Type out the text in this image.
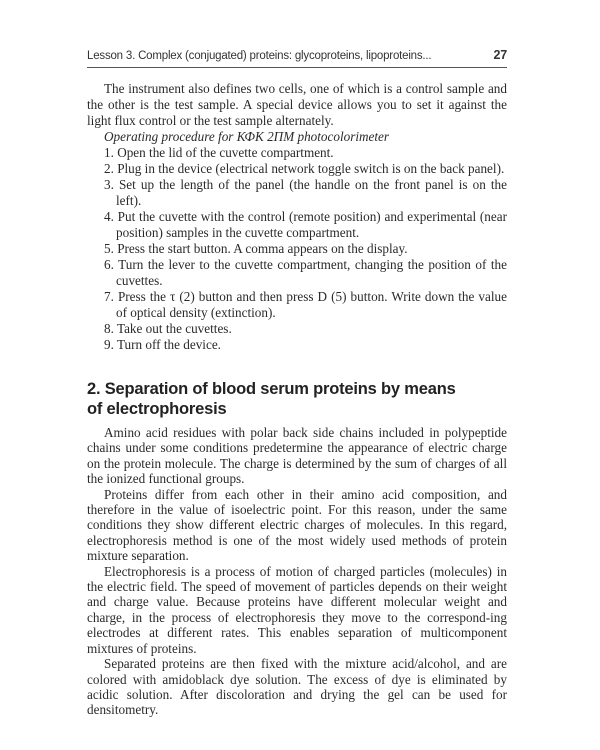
Lesson 3. Complex (conjugated) proteins: glycoproteins, lipoproteins...	27

The instrument also defines two cells, one of which is a control sample and the other is the test sample. A special device allows you to set it against the light flux control or the test sample alternately.

Operating procedure for КФК 2ПМ photocolorimeter

1. Open the lid of the cuvette compartment.
2. Plug in the device (electrical network toggle switch is on the back panel).
3. Set up the length of the panel (the handle on the front panel is on the left).
4. Put the cuvette with the control (remote position) and experimental (near position) samples in the cuvette compartment.
5. Press the start button. A comma appears on the display.
6. Turn the lever to the cuvette compartment, changing the position of the cuvettes.
7. Press the τ (2) button and then press D (5) button. Write down the value of optical density (extinction).
8. Take out the cuvettes.
9. Turn off the device.
2. Separation of blood serum proteins by means
of electrophoresis

Amino acid residues with polar back side chains included in polypeptide chains under some conditions predetermine the appearance of electric charge on the protein molecule. The charge is determined by the sum of charges of all the ionized functional groups.

Proteins differ from each other in their amino acid composition, and therefore in the value of isoelectric point. For this reason, under the same conditions they show different electric charges of molecules. In this regard, electrophoresis method is one of the most widely used methods of protein mixture separation.

Electrophoresis is a process of motion of charged particles (molecules) in the electric field. The speed of movement of particles depends on their weight and charge value. Because proteins have different molecular weight and charge, in the process of electrophoresis they move to the correspond-ing electrodes at different rates. This enables separation of multicomponent mixtures of proteins.

Separated proteins are then fixed with the mixture acid/alcohol, and are colored with amidoblack dye solution. The excess of dye is eliminated by acidic solution. After discoloration and drying the gel can be used for densitometry.
